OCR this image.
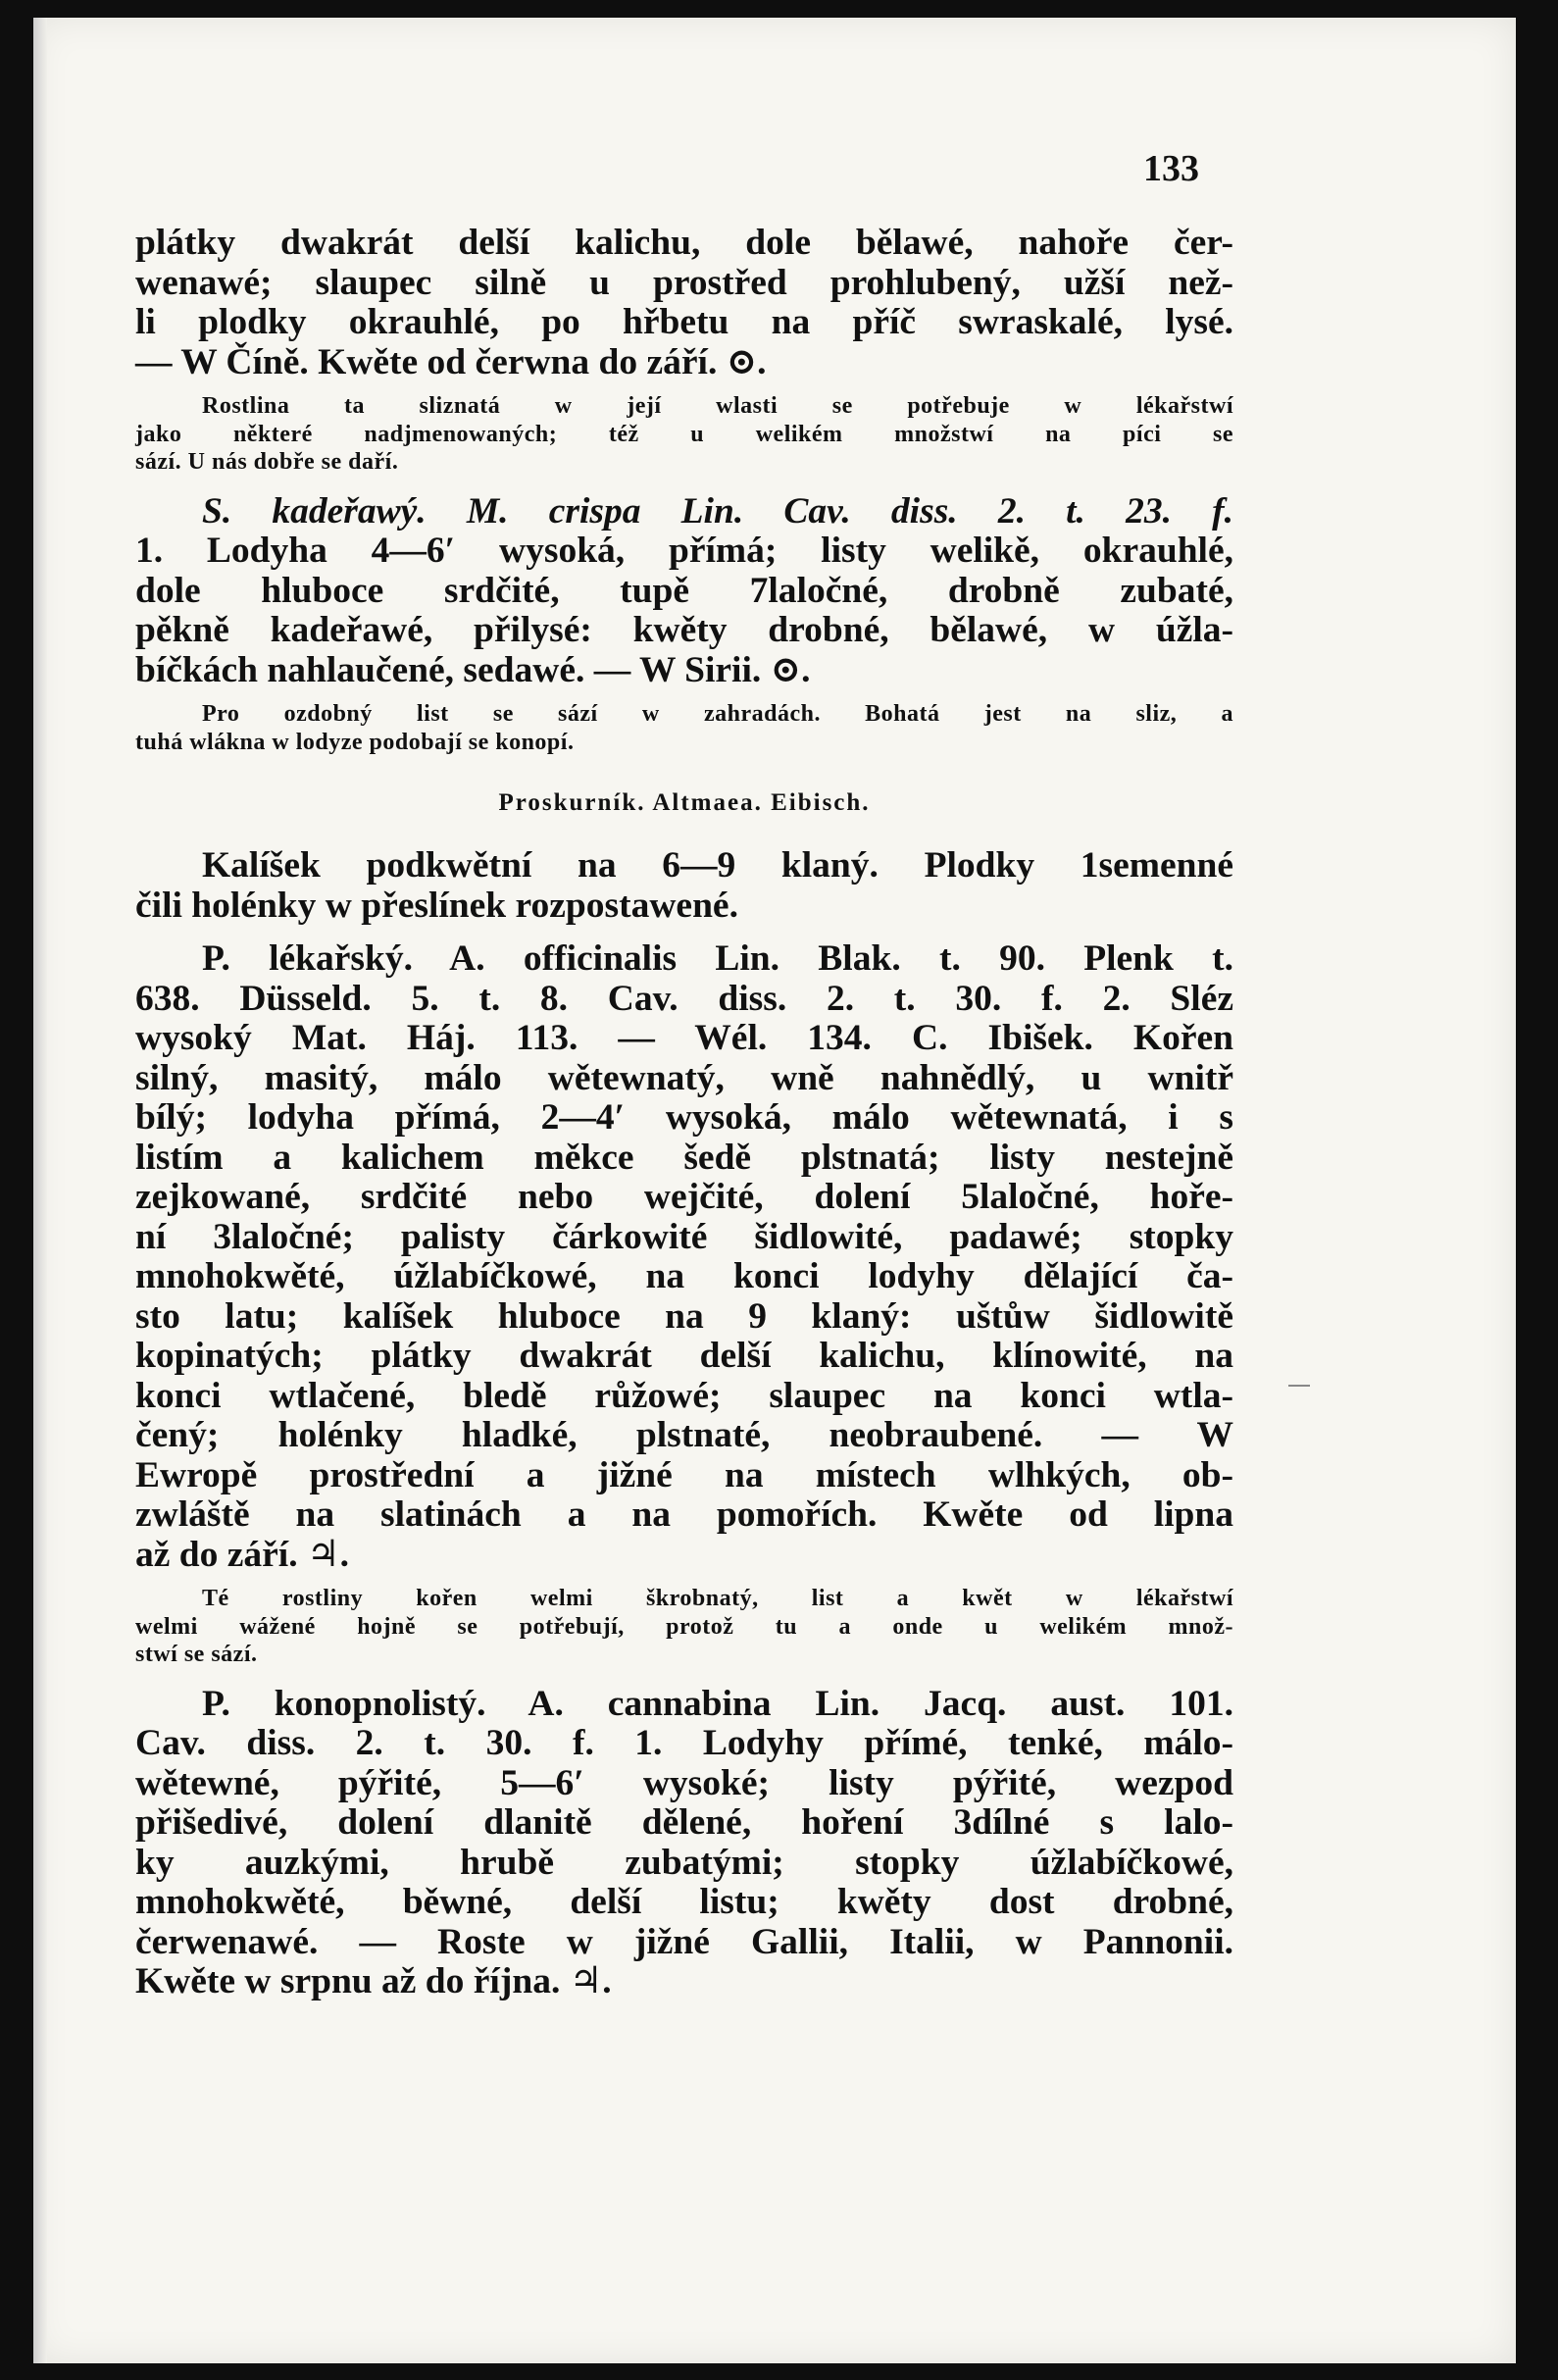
133
plátky dwakrát delší kalichu, dole bělawé, nahoře čer-
wenawé; slaupec silně u prostřed prohlubený, užší než-
li plodky okrauhlé, po hřbetu na příč swraskalé, lysé.
— W Číně. Kwěte od čerwna do září. ⊙.
Rostlina ta sliznatá w její wlasti se potřebuje w lékařstwí
jako některé nadjmenowaných; též u welikém množstwí na píci se
sází. U nás dobře se daří.
S. kadeřawý. M. crispa Lin. Cav. diss. 2. t. 23. f.
1. Lodyha 4—6′ wysoká, přímá; listy welikě, okrauhlé,
dole hluboce srdčité, tupě 7laločné, drobně zubaté,
pěkně kadeřawé, přilysé: kwěty drobné, bělawé, w úžla-
bíčkách nahlaučené, sedawé. — W Sirii. ⊙.
Pro ozdobný list se sází w zahradách. Bohatá jest na sliz, a
tuhá wlákna w lodyze podobají se konopí.
Proskurník. Altmaea. Eibisch.
Kalíšek podkwětní na 6—9 klaný. Plodky 1semenné
čili holénky w přeslínek rozpostawené.
P. lékařský. A. officinalis Lin. Blak. t. 90. Plenk t.
638. Düsseld. 5. t. 8. Cav. diss. 2. t. 30. f. 2. Sléz
wysoký Mat. Háj. 113. — Wél. 134. C. Ibišek. Kořen
silný, masitý, málo wětewnatý, wně nahnědlý, u wnitř
bílý; lodyha přímá, 2—4′ wysoká, málo wětewnatá, i s
listím a kalichem měkce šedě plstnatá; listy nestejně
zejkowané, srdčité nebo wejčité, dolení 5laločné, hoře-
ní 3laločné; palisty čárkowité šidlowité, padawé; stopky
mnohokwěté, úžlabíčkowé, na konci lodyhy dělající ča-
sto latu; kalíšek hluboce na 9 klaný: uštůw šidlowitě
kopinatých; plátky dwakrát delší kalichu, klínowité, na
konci wtlačené, bledě růžowé; slaupec na konci wtla-
čený; holénky hladké, plstnaté, neobraubené. — W
Ewropě prostřední a jižné na místech wlhkých, ob-
zwláště na slatinách a na pomořích. Kwěte od lipna
až do září. ♃.
Té rostliny kořen welmi škrobnatý, list a kwět w lékařstwí
welmi wážené hojně se potřebují, protož tu a onde u welikém množ-
stwí se sází.
P. konopnolistý. A. cannabina Lin. Jacq. aust. 101.
Cav. diss. 2. t. 30. f. 1. Lodyhy přímé, tenké, málo-
wětewné, pýřité, 5—6′ wysoké; listy pýřité, wezpod
přišedivé, dolení dlanitě dělené, hoření 3dílné s lalo-
ky auzkými, hrubě zubatými; stopky úžlabíčkowé,
mnohokwěté, běwné, delší listu; kwěty dost drobné,
čerwenawé. — Roste w jižné Gallii, Italii, w Pannonii.
Kwěte w srpnu až do října. ♃.
